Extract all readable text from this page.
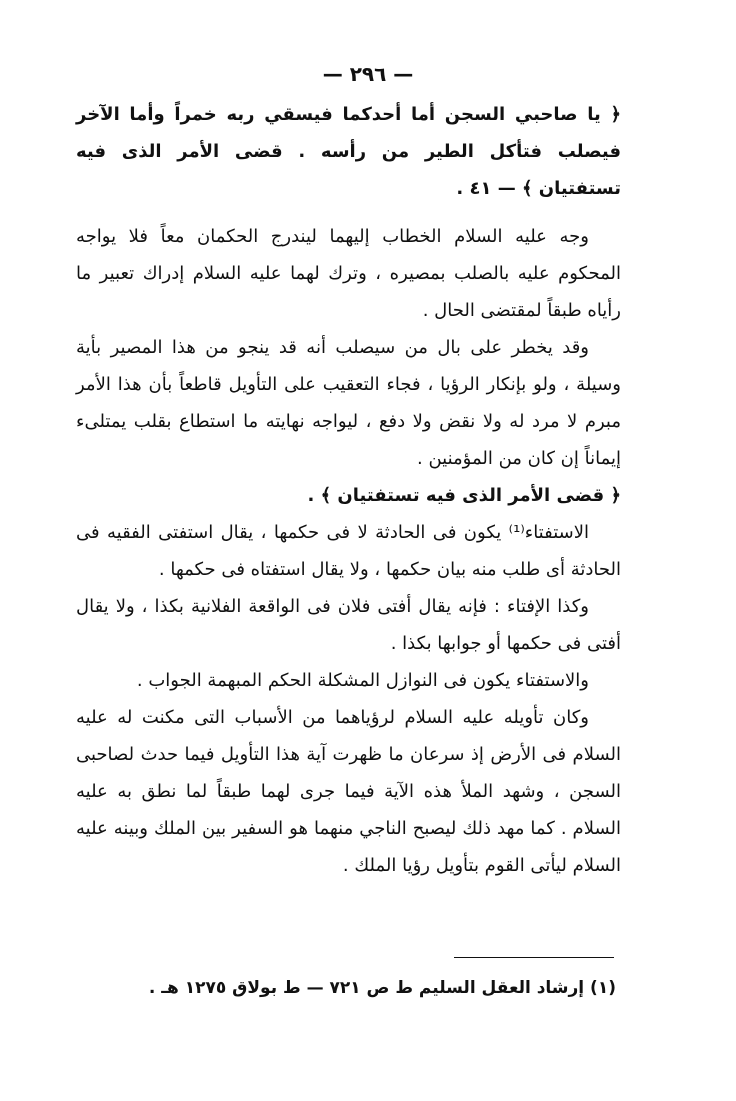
— ٢٩٦ —

﴿ يا صاحبي السجن أما أحدكما فيسقي ربه خمراً وأما الآخر فيصلب فتأكل الطير من رأسه . قضى الأمر الذى فيه تستفتيان ﴾ — ٤١ .

وجه عليه السلام الخطاب إليهما ليندرج الحكمان معاً فلا يواجه المحكوم عليه بالصلب بمصيره ، وترك لهما عليه السلام إدراك تعبير ما رأياه طبقاً لمقتضى الحال .

وقد يخطر على بال من سيصلب أنه قد ينجو من هذا المصير بأية وسيلة ، ولو بإنكار الرؤيا ، فجاء التعقيب على التأويل قاطعاً بأن هذا الأمر مبرم لا مرد له ولا نقض ولا دفع ، ليواجه نهايته ما استطاع بقلب يمتلىء إيماناً إن كان من المؤمنين .

﴿ قضى الأمر الذى فيه تستفتيان ﴾ .

الاستفتاء⁽¹⁾ يكون فى الحادثة لا فى حكمها ، يقال استفتى الفقيه فى الحادثة أى طلب منه بيان حكمها ، ولا يقال استفتاه فى حكمها .

وكذا الإفتاء : فإنه يقال أفتى فلان فى الواقعة الفلانية بكذا ، ولا يقال أفتى فى حكمها أو جوابها بكذا .

والاستفتاء يكون فى النوازل المشكلة الحكم المبهمة الجواب .

وكان تأويله عليه السلام لرؤياهما من الأسباب التى مكنت له عليه السلام فى الأرض إذ سرعان ما ظهرت آية هذا التأويل فيما حدث لصاحبى السجن ، وشهد الملأ هذه الآية فيما جرى لهما طبقاً لما نطق به عليه السلام . كما مهد ذلك ليصبح الناجي منهما هو السفير بين الملك وبينه عليه السلام ليأتى القوم بتأويل رؤيا الملك .

(١) إرشاد العقل السليم ط ص ٧٢١ — ط بولاق ١٢٧٥ هـ .
